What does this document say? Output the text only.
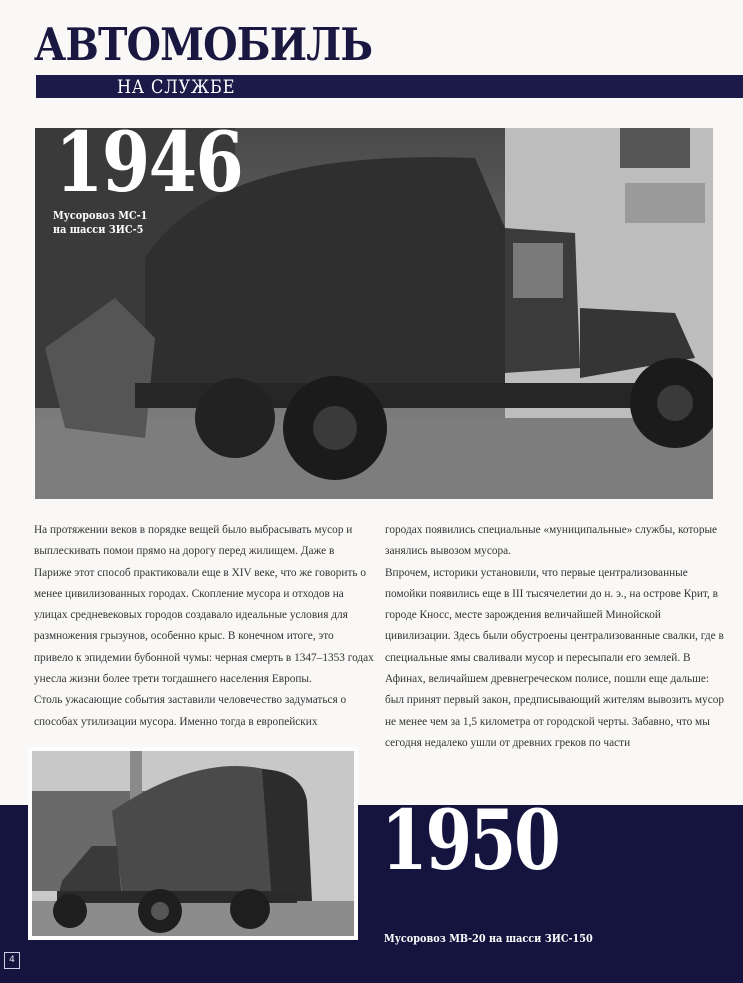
АВТОМОБИЛЬ
НА СЛУЖБЕ
1946
Мусоровоз МС-1
на шасси ЗИС-5

На протяжении веков в порядке вещей было выбрасывать мусор и выплескивать помои прямо на дорогу перед жилищем. Даже в Париже этот способ практиковали еще в XIV веке, что же говорить о менее цивилизованных городах. Скопление мусора и отходов на улицах средневековых городов создавало идеальные условия для размножения грызунов, особенно крыс. В конечном итоге, это привело к эпидемии бубонной чумы: черная смерть в 1347–1353 годах унесла жизни более трети тогдашнего населения Европы.

Столь ужасающие события заставили человечество задуматься о способах утилизации мусора. Именно тогда в европейских

городах появились специальные «муниципальные» службы, которые занялись вывозом мусора.

Впрочем, историки установили, что первые централизованные помойки появились еще в III тысячелетии до н. э., на острове Крит, в городе Кносс, месте зарождения величайшей Минойской цивилизации. Здесь были обустроены централизованные свалки, где в специальные ямы сваливали мусор и пересыпали его землей. В Афинах, величайшем древнегреческом полисе, пошли еще дальше: был принят первый закон, предписывающий жителям вывозить мусор не менее чем за 1,5 километра от городской черты. Забавно, что мы сегодня недалеко ушли от древних греков по части

1950
Мусоровоз МВ-20 на шасси ЗИС-150
4
